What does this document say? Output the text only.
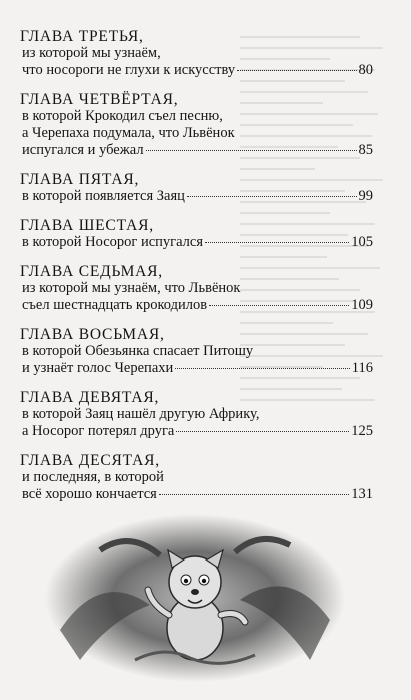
ГЛАВА ТРЕТЬЯ,
из которой мы узнаём,
что носороги не глухи к искусству	80
ГЛАВА ЧЕТВЁРТАЯ,
в которой Крокодил съел песню,
а Черепаха подумала, что Львёнок
испугался и убежал	85
ГЛАВА ПЯТАЯ,
в которой появляется Заяц	99
ГЛАВА ШЕСТАЯ,
в которой Носорог испугался	105
ГЛАВА СЕДЬМАЯ,
из которой мы узнаём, что Львёнок
съел шестнадцать крокодилов	109
ГЛАВА ВОСЬМАЯ,
в которой Обезьянка спасает Питошу
и узнаёт голос Черепахи	116
ГЛАВА ДЕВЯТАЯ,
в которой Заяц нашёл другую Африку,
а Носорог потерял друга	125
ГЛАВА ДЕСЯТАЯ,
и последняя, в которой
всё хорошо кончается	131
